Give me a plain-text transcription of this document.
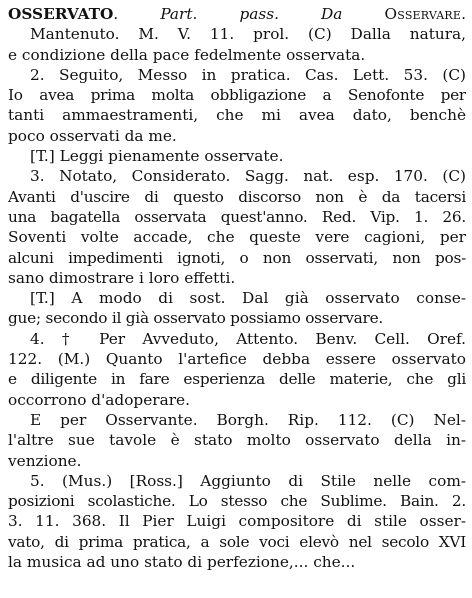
OSSERVATO. Part. pass. Da	Osservare.
Mantenuto. M. V. 11. prol. (C) Dalla natura,
e condizione della pace fedelmente osservata.
2. Seguito, Messo in pratica. Cas. Lett. 53. (C)
Io avea prima molta obbligazione a Senofonte per
tanti ammaestramenti, che mi avea dato, benchè
poco osservati da me.
[T.] Leggi pienamente osservate.
3. Notato, Considerato. Sagg. nat. esp. 170. (C)
Avanti d'uscire di questo discorso non è da tacersi
una bagatella osservata quest'anno. Red. Vip. 1. 26.
Soventi volte accade, che queste vere cagioni, per
alcuni impedimenti ignoti, o non osservati, non pos-
sano dimostrare i loro effetti.
[T.] A modo di sost. Dal già osservato conse-
gue; secondo il già osservato possiamo osservare.
4. † Per Avveduto, Attento. Benv. Cell. Oref.
122. (M.) Quanto l'artefice debba essere osservato
e diligente in fare esperienza delle materie, che gli
occorrono d'adoperare.
E per Osservante. Borgh. Rip. 112. (C) Nel-
l'altre sue tavole è stato molto osservato della in-
venzione.
5. (Mus.) [Ross.] Aggiunto di Stile nelle com-
posizioni scolastiche. Lo stesso che Sublime. Bain. 2.
3. 11. 368. Il Pier Luigi compositore di stile osser-
vato, di prima pratica, a sole voci elevò nel secolo XVI
la musica ad uno stato di perfezione,... che...
